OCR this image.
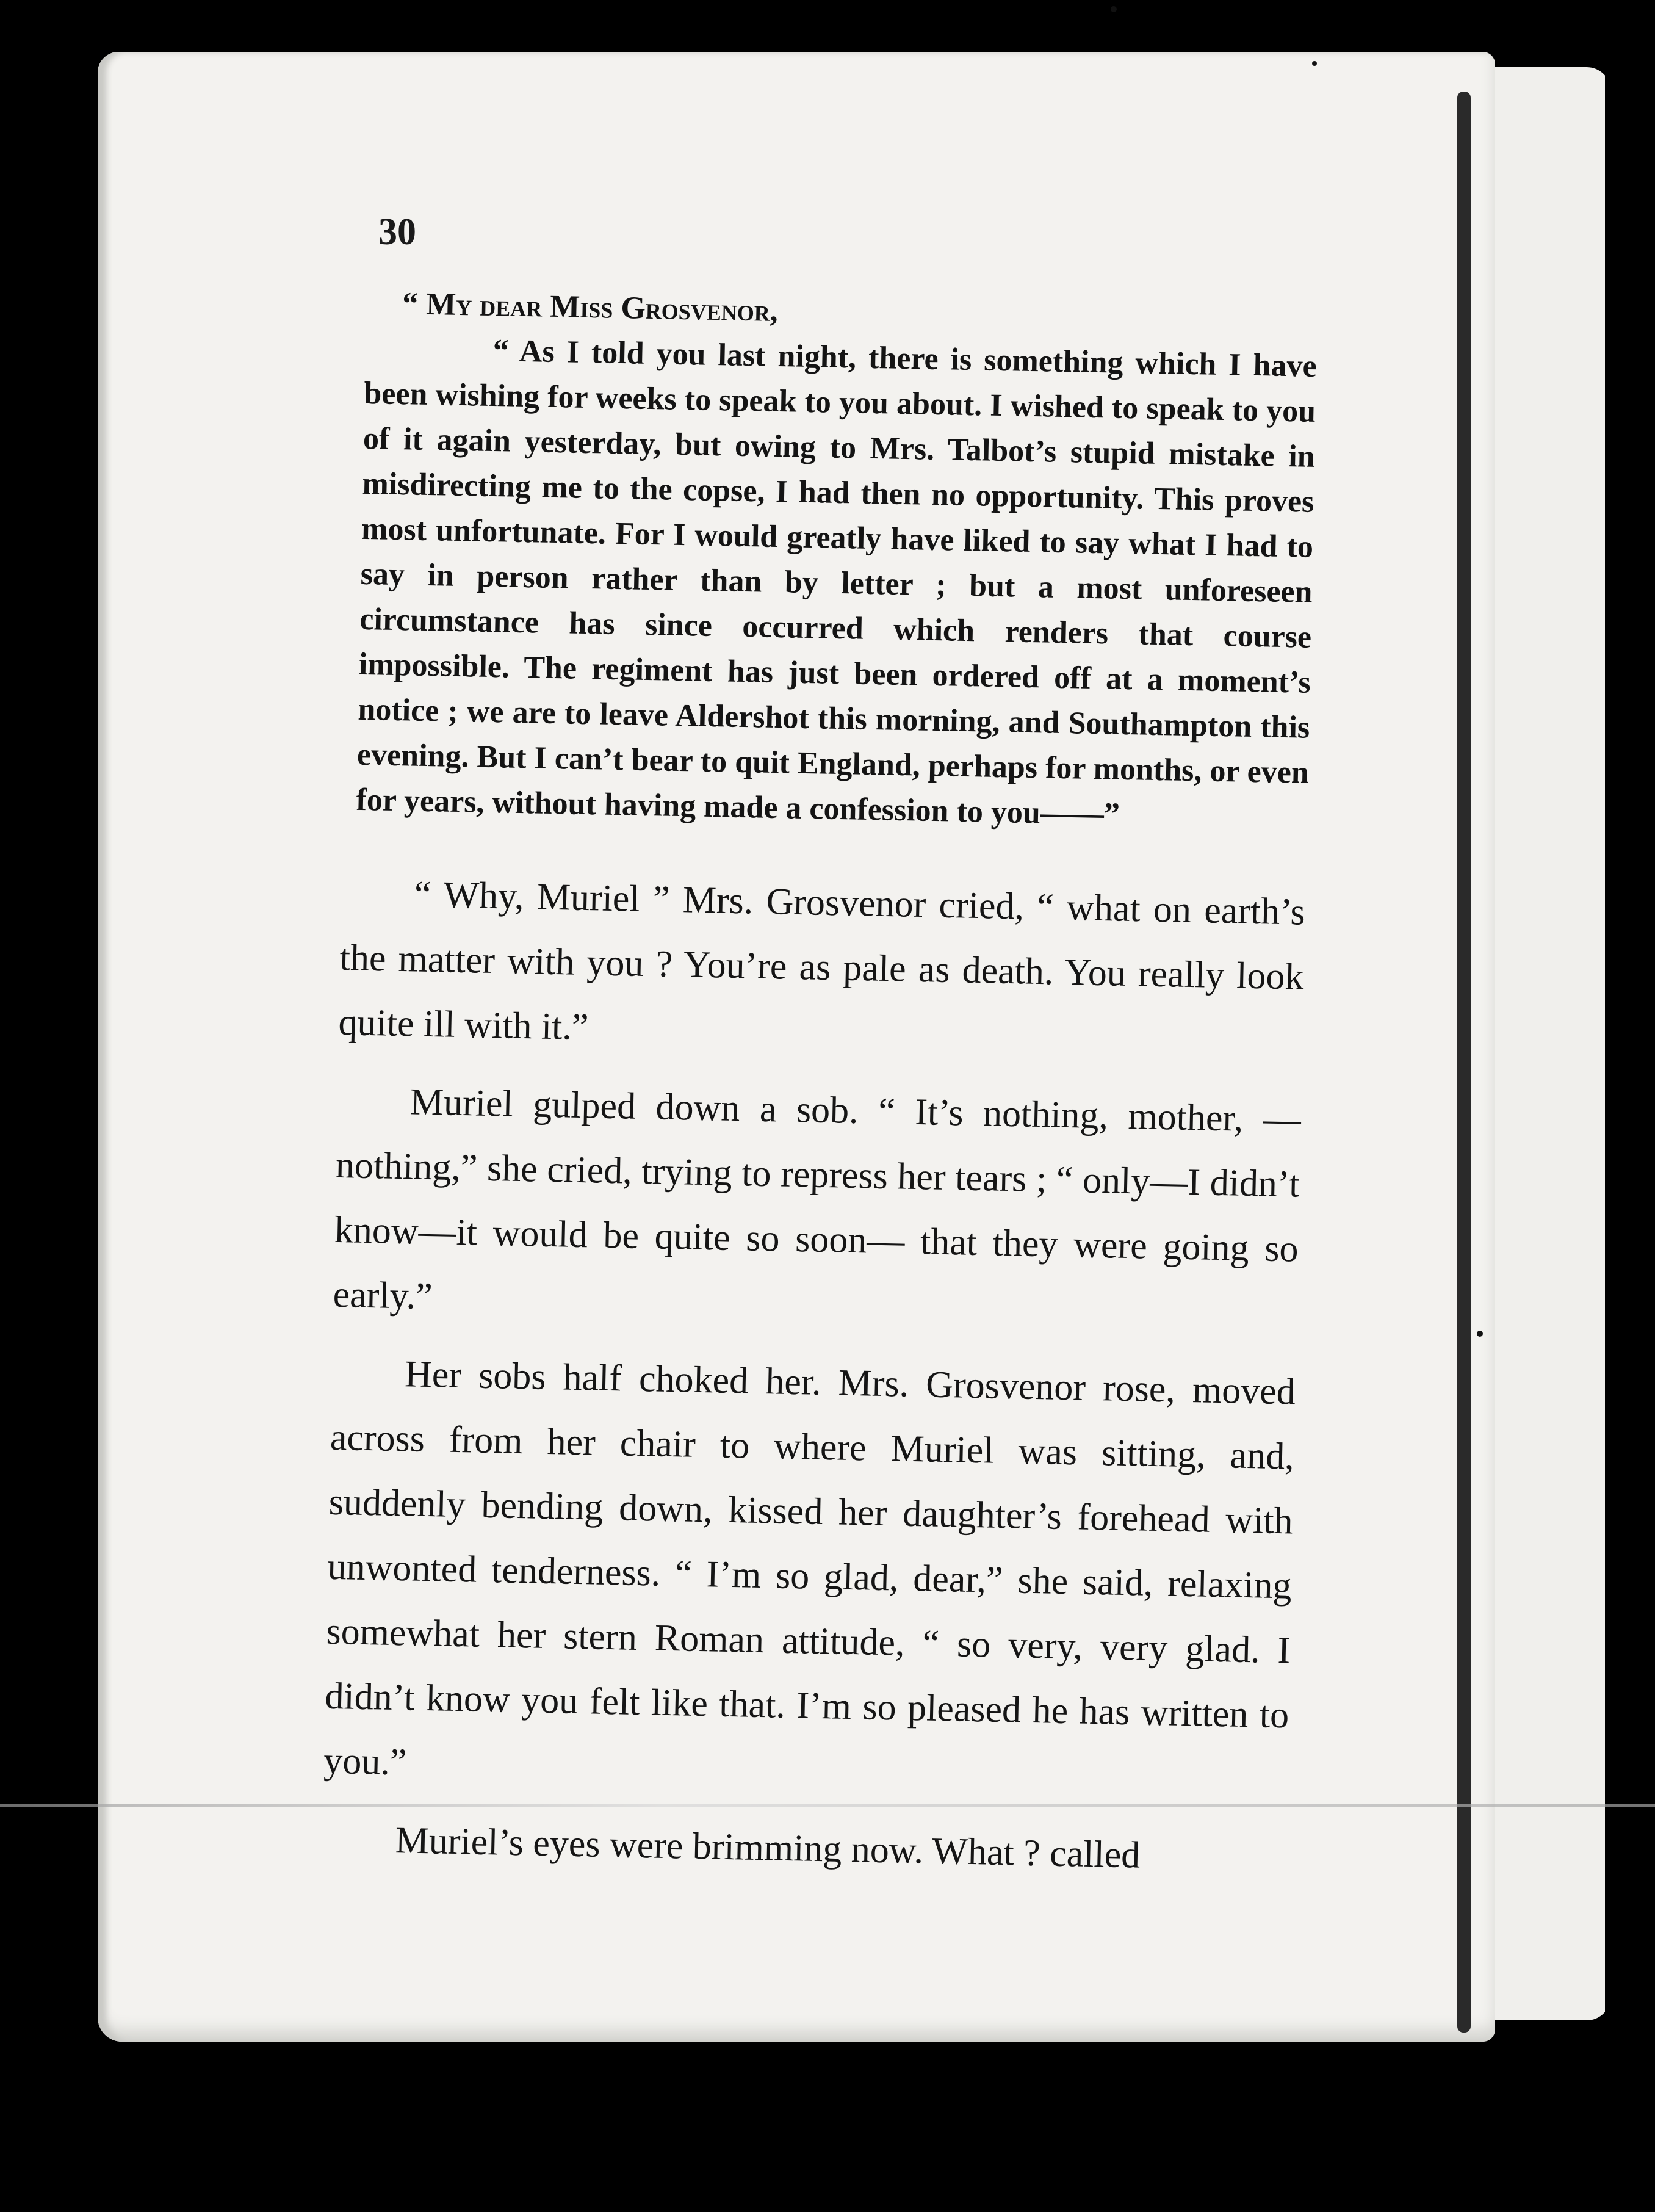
30
“ My dear Miss Grosvenor,

“ As I told you last night, there is something which I have been wishing for weeks to speak to you about. I wished to speak to you of it again yesterday, but owing to Mrs. Talbot’s stupid mistake in misdirecting me to the copse, I had then no opportunity. This proves most unfortunate. For I would greatly have liked to say what I had to say in person rather than by letter ; but a most unforeseen circumstance has since occurred which renders that course impossible. The regiment has just been ordered off at a moment’s notice ; we are to leave Aldershot this morning, and Southampton this evening. But I can’t bear to quit England, perhaps for months, or even for years, without having made a confession to you——”

“ Why, Muriel ” Mrs. Grosvenor cried, “ what on earth’s the matter with you ? You’re as pale as death. You really look quite ill with it.”

Muriel gulped down a sob. “ It’s nothing, mother, —nothing,” she cried, trying to repress her tears ; “ only—I didn’t know—it would be quite so soon— that they were going so early.”

Her sobs half choked her. Mrs. Grosvenor rose, moved across from her chair to where Muriel was sitting, and, suddenly bending down, kissed her daughter’s forehead with unwonted tenderness. “ I’m so glad, dear,” she said, relaxing somewhat her stern Roman attitude, “ so very, very glad. I didn’t know you felt like that. I’m so pleased he has written to you.”

Muriel’s eyes were brimming now. What ? called
